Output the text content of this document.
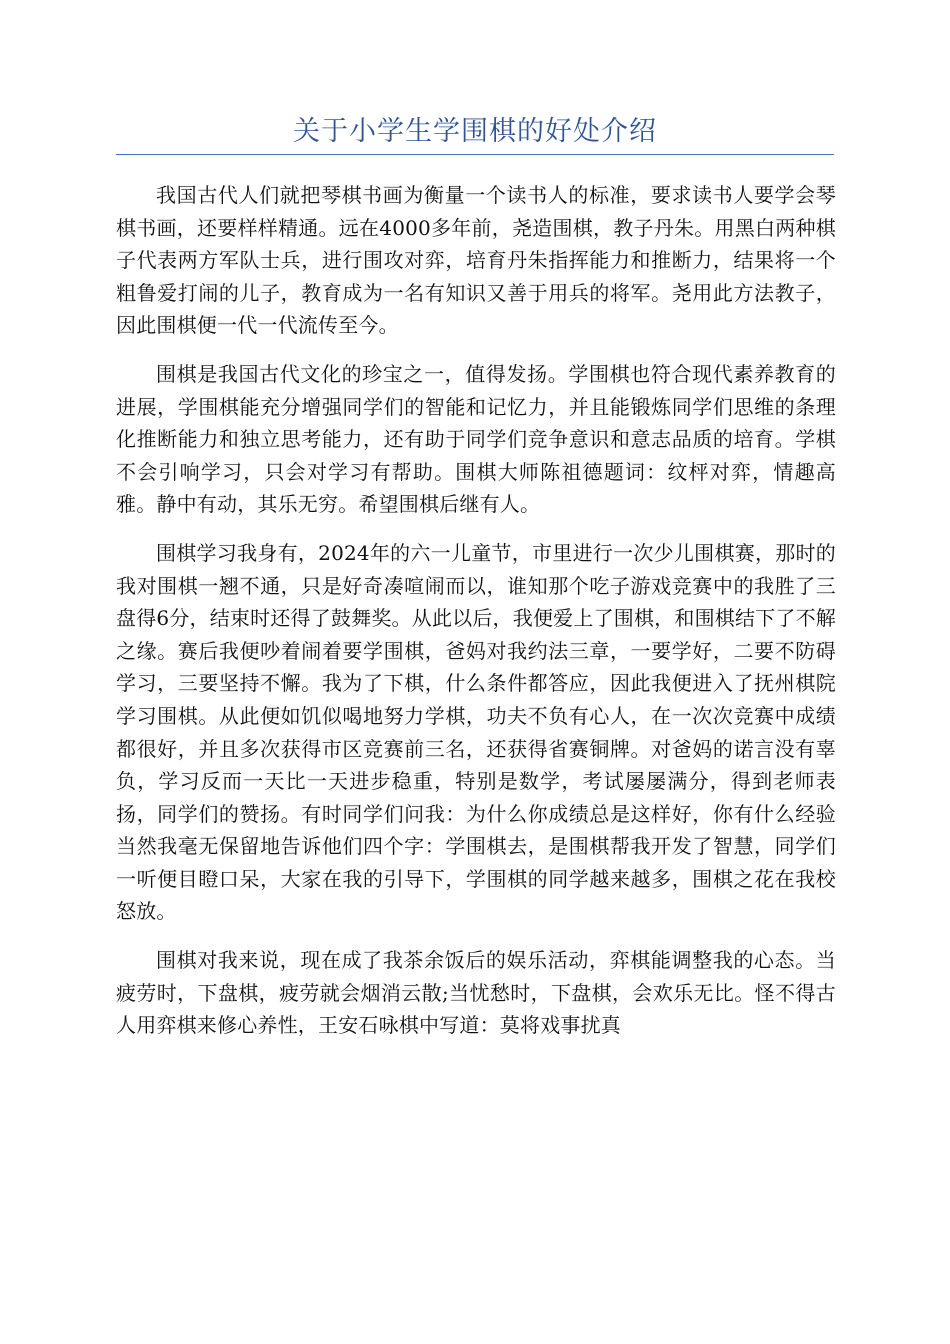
关于小学生学围棋的好处介绍

我国古代人们就把琴棋书画为衡量一个读书人的标准，要求读书人要学会琴棋书画，还要样样精通。远在4000多年前，尧造围棋，教子丹朱。用黑白两种棋子代表两方军队士兵，进行围攻对弈，培育丹朱指挥能力和推断力，结果将一个粗鲁爱打闹的儿子，教育成为一名有知识又善于用兵的将军。尧用此方法教子，因此围棋便一代一代流传至今。

围棋是我国古代文化的珍宝之一，值得发扬。学围棋也符合现代素养教育的进展，学围棋能充分增强同学们的智能和记忆力，并且能锻炼同学们思维的条理化推断能力和独立思考能力，还有助于同学们竞争意识和意志品质的培育。学棋不会引响学习，只会对学习有帮助。围棋大师陈祖德题词：纹枰对弈，情趣高雅。静中有动，其乐无穷。希望围棋后继有人。

围棋学习我身有，2024年的六一儿童节，市里进行一次少儿围棋赛，那时的我对围棋一翘不通，只是好奇凑喧闹而以，谁知那个吃子游戏竞赛中的我胜了三盘得6分，结束时还得了鼓舞奖。从此以后，我便爱上了围棋，和围棋结下了不解之缘。赛后我便吵着闹着要学围棋，爸妈对我约法三章，一要学好，二要不防碍学习，三要坚持不懈。我为了下棋，什么条件都答应，因此我便进入了抚州棋院学习围棋。从此便如饥似喝地努力学棋，功夫不负有心人，在一次次竞赛中成绩都很好，并且多次获得市区竞赛前三名，还获得省赛铜牌。对爸妈的诺言没有辜负，学习反而一天比一天进步稳重，特别是数学，考试屡屡满分，得到老师表扬，同学们的赞扬。有时同学们问我：为什么你成绩总是这样好，你有什么经验当然我毫无保留地告诉他们四个字：学围棋去，是围棋帮我开发了智慧，同学们一听便目瞪口呆，大家在我的引导下，学围棋的同学越来越多，围棋之花在我校怒放。

围棋对我来说，现在成了我茶余饭后的娱乐活动，弈棋能调整我的心态。当疲劳时，下盘棋，疲劳就会烟消云散;当忧愁时，下盘棋，会欢乐无比。怪不得古人用弈棋来修心养性，王安石咏棋中写道：莫将戏事扰真
